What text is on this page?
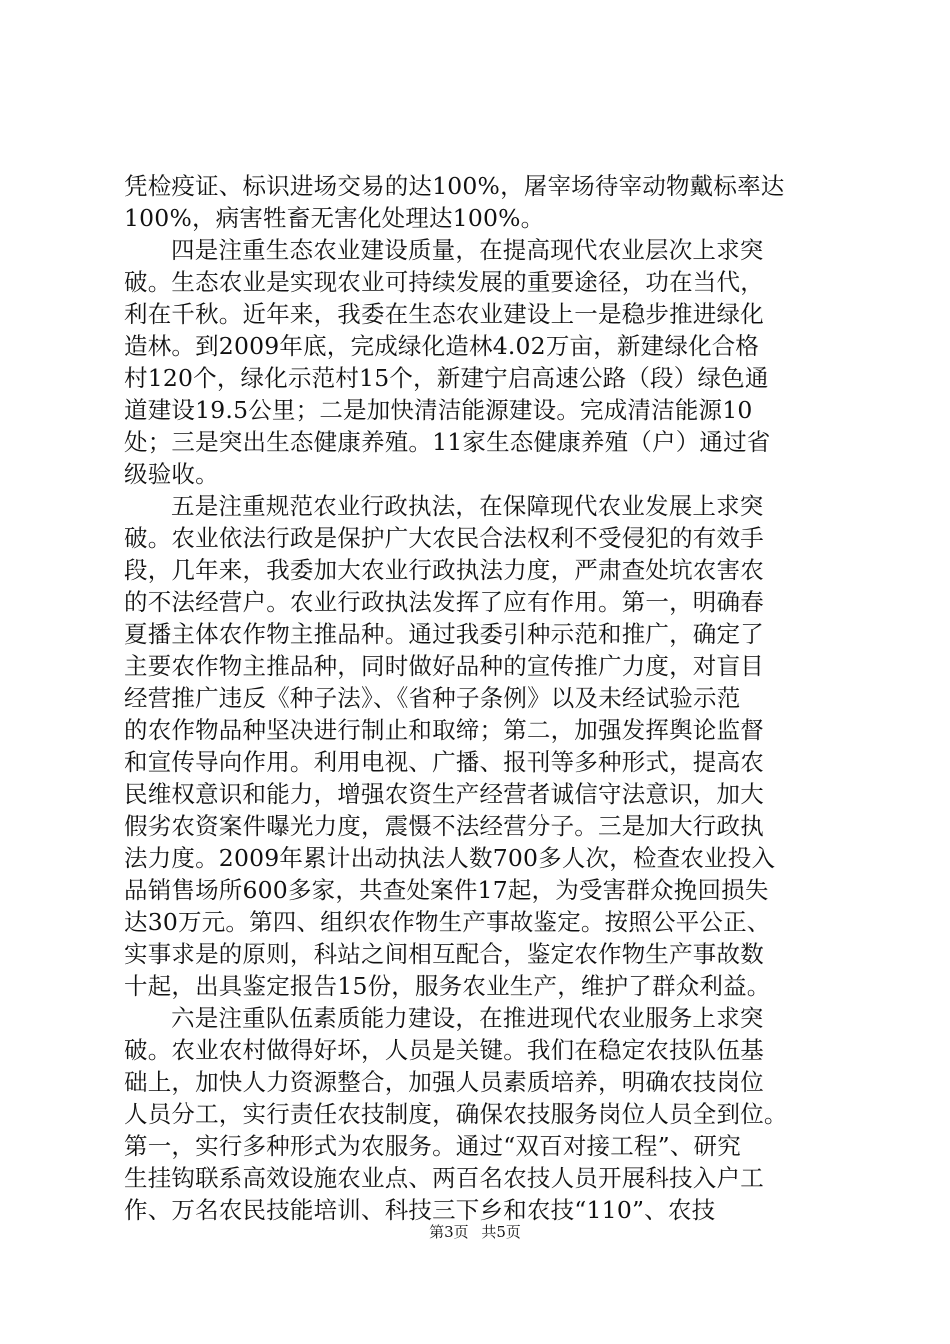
凭检疫证、标识进场交易的达100%，屠宰场待宰动物戴标率达
100%，病害牲畜无害化处理达100%。
四是注重生态农业建设质量，在提高现代农业层次上求突
破。生态农业是实现农业可持续发展的重要途径，功在当代，
利在千秋。近年来，我委在生态农业建设上一是稳步推进绿化
造林。到2009年底，完成绿化造林4.02万亩，新建绿化合格
村120个，绿化示范村15个，新建宁启高速公路（段）绿色通
道建设19.5公里；二是加快清洁能源建设。完成清洁能源10
处；三是突出生态健康养殖。11家生态健康养殖（户）通过省
级验收。
五是注重规范农业行政执法，在保障现代农业发展上求突
破。农业依法行政是保护广大农民合法权利不受侵犯的有效手
段，几年来，我委加大农业行政执法力度，严肃查处坑农害农
的不法经营户。农业行政执法发挥了应有作用。第一，明确春
夏播主体农作物主推品种。通过我委引种示范和推广，确定了
主要农作物主推品种，同时做好品种的宣传推广力度，对盲目
经营推广违反《种子法》、《省种子条例》以及未经试验示范
的农作物品种坚决进行制止和取缔；第二，加强发挥舆论监督
和宣传导向作用。利用电视、广播、报刊等多种形式，提高农
民维权意识和能力，增强农资生产经营者诚信守法意识，加大
假劣农资案件曝光力度，震慑不法经营分子。三是加大行政执
法力度。2009年累计出动执法人数700多人次，检查农业投入
品销售场所600多家，共查处案件17起，为受害群众挽回损失
达30万元。第四、组织农作物生产事故鉴定。按照公平公正、
实事求是的原则，科站之间相互配合，鉴定农作物生产事故数
十起，出具鉴定报告15份，服务农业生产，维护了群众利益。
六是注重队伍素质能力建设，在推进现代农业服务上求突
破。农业农村做得好坏，人员是关键。我们在稳定农技队伍基
础上，加快人力资源整合，加强人员素质培养，明确农技岗位
人员分工，实行责任农技制度，确保农技服务岗位人员全到位。
第一，实行多种形式为农服务。通过“双百对接工程”、研究
生挂钩联系高效设施农业点、两百名农技人员开展科技入户工
作、万名农民技能培训、科技三下乡和农技“110”、农技
第3页 共5页
